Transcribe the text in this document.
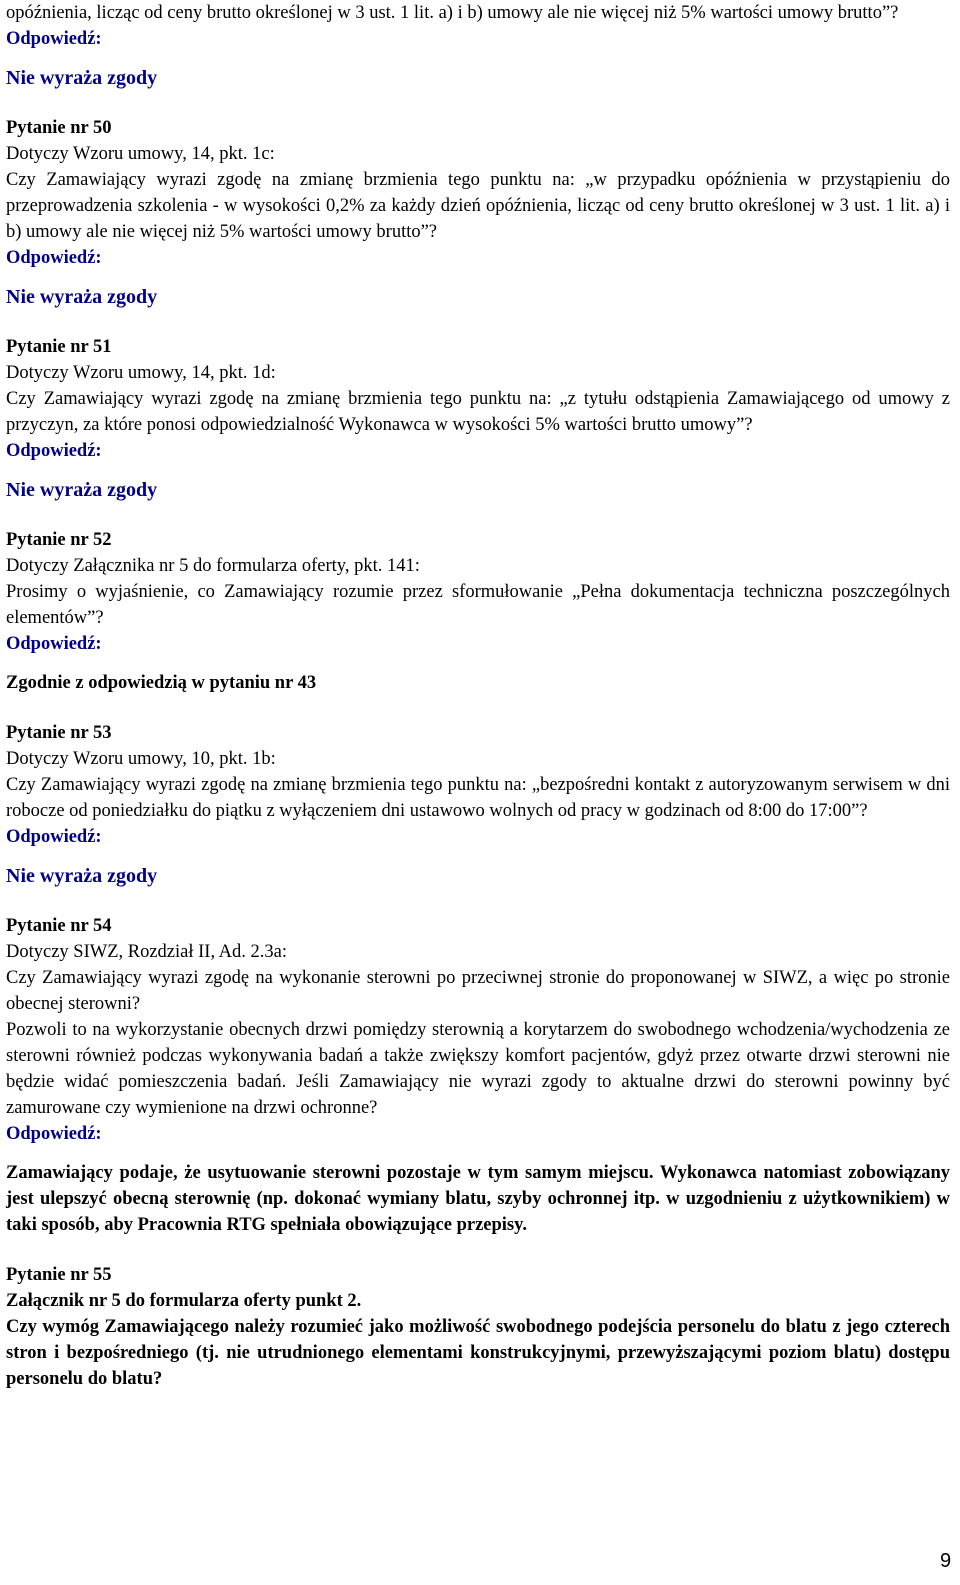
opóźnienia, licząc od ceny brutto określonej w 3 ust. 1 lit. a) i b) umowy ale nie więcej niż 5% wartości umowy brutto”?

Odpowiedź:

Nie wyraża zgody

Pytanie nr 50

Dotyczy Wzoru umowy, 14, pkt. 1c:

Czy Zamawiający wyrazi zgodę na zmianę brzmienia tego punktu na: „w przypadku opóźnienia w przystąpieniu do przeprowadzenia szkolenia - w wysokości 0,2% za każdy dzień opóźnienia, licząc od ceny brutto określonej w 3 ust. 1 lit. a) i b) umowy ale nie więcej niż 5% wartości umowy brutto”?

Odpowiedź:

Nie wyraża zgody

Pytanie nr 51

Dotyczy Wzoru umowy, 14, pkt. 1d:

Czy Zamawiający wyrazi zgodę na zmianę brzmienia tego punktu na: „z tytułu odstąpienia Zamawiającego od umowy z przyczyn, za które ponosi odpowiedzialność Wykonawca w wysokości 5% wartości brutto umowy”?

Odpowiedź:

Nie wyraża zgody

Pytanie nr 52

Dotyczy Załącznika nr 5 do formularza oferty, pkt. 141:

Prosimy o wyjaśnienie, co Zamawiający rozumie przez sformułowanie „Pełna dokumentacja techniczna poszczególnych elementów”?

Odpowiedź:

Zgodnie z odpowiedzią w pytaniu nr 43

Pytanie nr 53

Dotyczy Wzoru umowy, 10, pkt. 1b:

Czy Zamawiający wyrazi zgodę na zmianę brzmienia tego punktu na: „bezpośredni kontakt z autoryzowanym serwisem w dni robocze od poniedziałku do piątku z wyłączeniem dni ustawowo wolnych od pracy w godzinach od 8:00 do 17:00”?

Odpowiedź:

Nie wyraża zgody

Pytanie nr 54

Dotyczy SIWZ, Rozdział II, Ad. 2.3a:

Czy Zamawiający wyrazi zgodę na wykonanie sterowni po przeciwnej stronie do proponowanej w SIWZ, a więc po stronie obecnej sterowni?

Pozwoli to na wykorzystanie obecnych drzwi pomiędzy sterownią a korytarzem do swobodnego wchodzenia/wychodzenia ze sterowni również podczas wykonywania badań a także zwiększy komfort pacjentów, gdyż przez otwarte drzwi sterowni nie będzie widać pomieszczenia badań. Jeśli Zamawiający nie wyrazi zgody to aktualne drzwi do sterowni powinny być zamurowane czy wymienione na drzwi ochronne?

Odpowiedź:

Zamawiający podaje, że usytuowanie sterowni pozostaje w tym samym miejscu. Wykonawca natomiast zobowiązany jest ulepszyć obecną sterownię (np. dokonać wymiany blatu, szyby ochronnej itp. w uzgodnieniu z użytkownikiem) w taki sposób, aby Pracownia RTG spełniała obowiązujące przepisy.

Pytanie nr 55

Załącznik nr 5 do formularza oferty punkt 2.

Czy wymóg Zamawiającego należy rozumieć jako możliwość swobodnego podejścia personelu do blatu z jego czterech stron i bezpośredniego (tj. nie utrudnionego elementami konstrukcyjnymi, przewyższającymi poziom blatu) dostępu personelu do blatu?

9
